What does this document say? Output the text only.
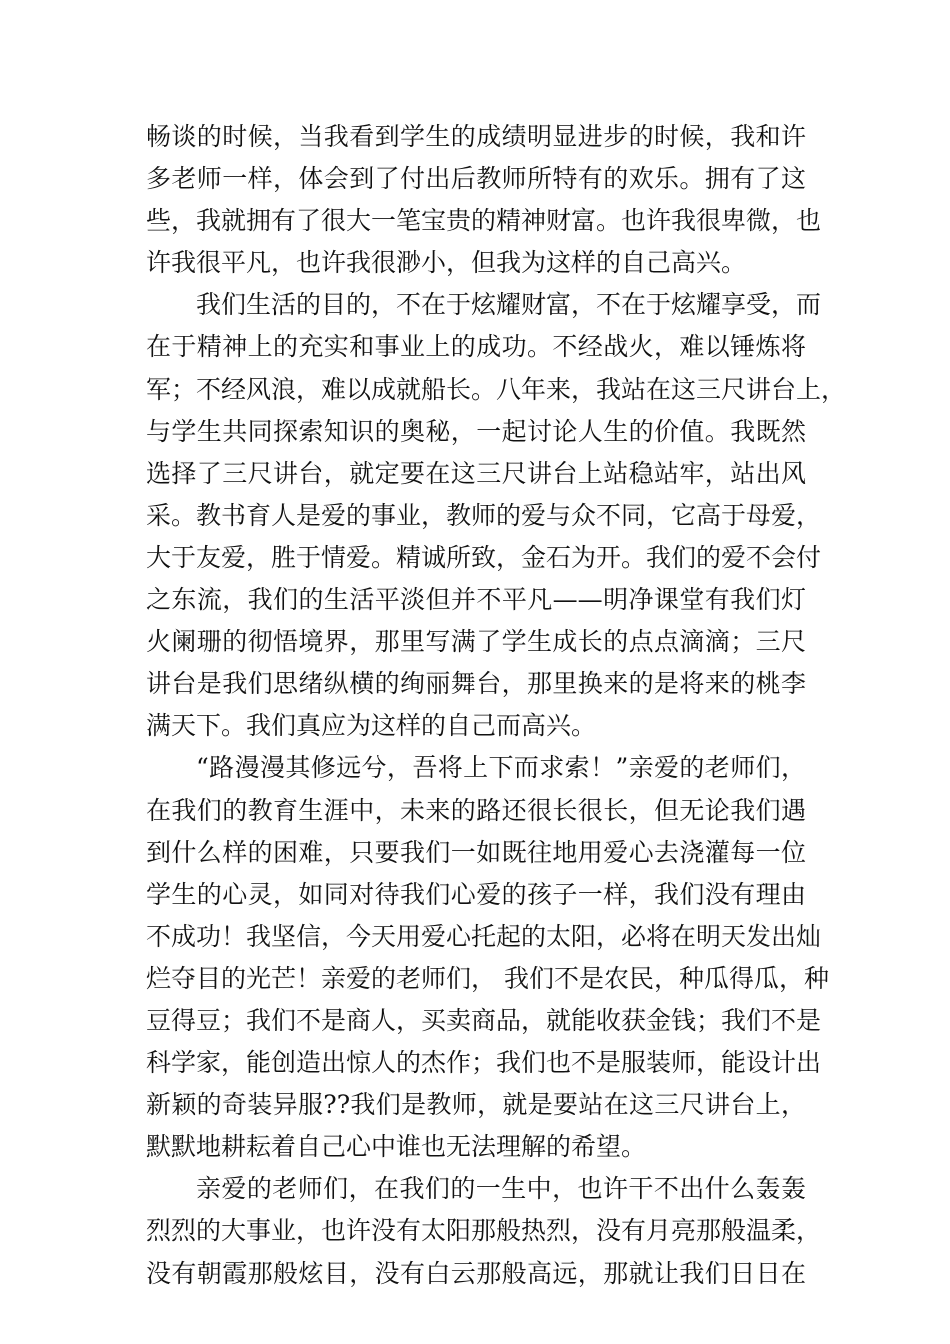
畅谈的时候，当我看到学生的成绩明显进步的时候，我和许
多老师一样，体会到了付出后教师所特有的欢乐。拥有了这
些，我就拥有了很大一笔宝贵的精神财富。也许我很卑微，也
许我很平凡，也许我很渺小，但我为这样的自己高兴。
我们生活的目的，不在于炫耀财富，不在于炫耀享受，而
在于精神上的充实和事业上的成功。不经战火，难以锤炼将
军；不经风浪，难以成就船长。八年来，我站在这三尺讲台上，
与学生共同探索知识的奥秘，一起讨论人生的价值。我既然
选择了三尺讲台，就定要在这三尺讲台上站稳站牢，站出风
采。教书育人是爱的事业，教师的爱与众不同，它高于母爱，
大于友爱，胜于情爱。精诚所致，金石为开。我们的爱不会付
之东流，我们的生活平淡但并不平凡——明净课堂有我们灯
火阑珊的彻悟境界，那里写满了学生成长的点点滴滴；三尺
讲台是我们思绪纵横的绚丽舞台，那里换来的是将来的桃李
满天下。我们真应为这样的自己而高兴。
“路漫漫其修远兮，吾将上下而求索！”亲爱的老师们，
在我们的教育生涯中，未来的路还很长很长，但无论我们遇
到什么样的困难，只要我们一如既往地用爱心去浇灌每一位
学生的心灵，如同对待我们心爱的孩子一样，我们没有理由
不成功！我坚信，今天用爱心托起的太阳，必将在明天发出灿
烂夺目的光芒！亲爱的老师们， 我们不是农民，种瓜得瓜，种
豆得豆；我们不是商人，买卖商品，就能收获金钱；我们不是
科学家，能创造出惊人的杰作；我们也不是服装师，能设计出
新颖的奇装异服??我们是教师，就是要站在这三尺讲台上，
默默地耕耘着自己心中谁也无法理解的希望。
亲爱的老师们，在我们的一生中，也许干不出什么轰轰
烈烈的大事业，也许没有太阳那般热烈，没有月亮那般温柔，
没有朝霞那般炫目，没有白云那般高远，那就让我们日日在
